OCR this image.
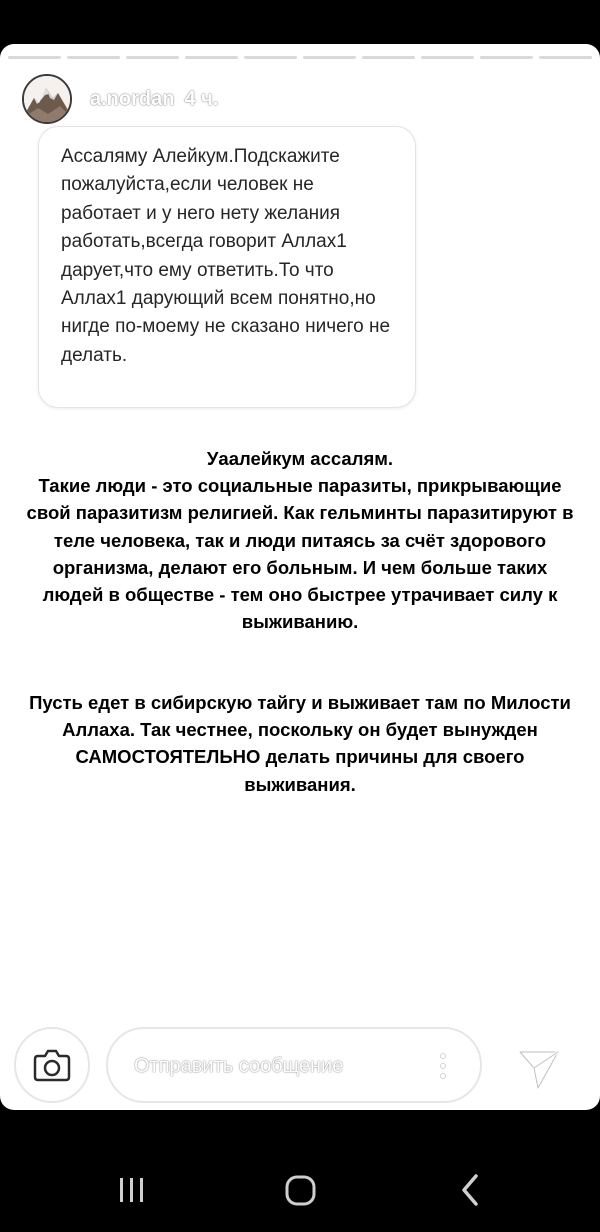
a.nordan 4 ч.

Ассаляму Алейкум.Подскажите пожалуйста,если человек не работает и у него нету желания работать,всегда говорит Аллах1 дарует,что ему ответить.То что Аллах1 дарующий всем понятно,но нигде по-моему не сказано ничего не делать.

Уаалейкум ассалям.
Такие люди - это социальные паразиты, прикрывающие свой паразитизм религией. Как гельминты паразитируют в теле человека, так и люди питаясь за счёт здорового организма, делают его больным. И чем больше таких людей в обществе - тем оно быстрее утрачивает силу к выживанию.

Пусть едет в сибирскую тайгу и выживает там по Милости Аллаха. Так честнее, поскольку он будет вынужден САМОСТОЯТЕЛЬНО делать причины для своего выживания.

Отправить сообщение
